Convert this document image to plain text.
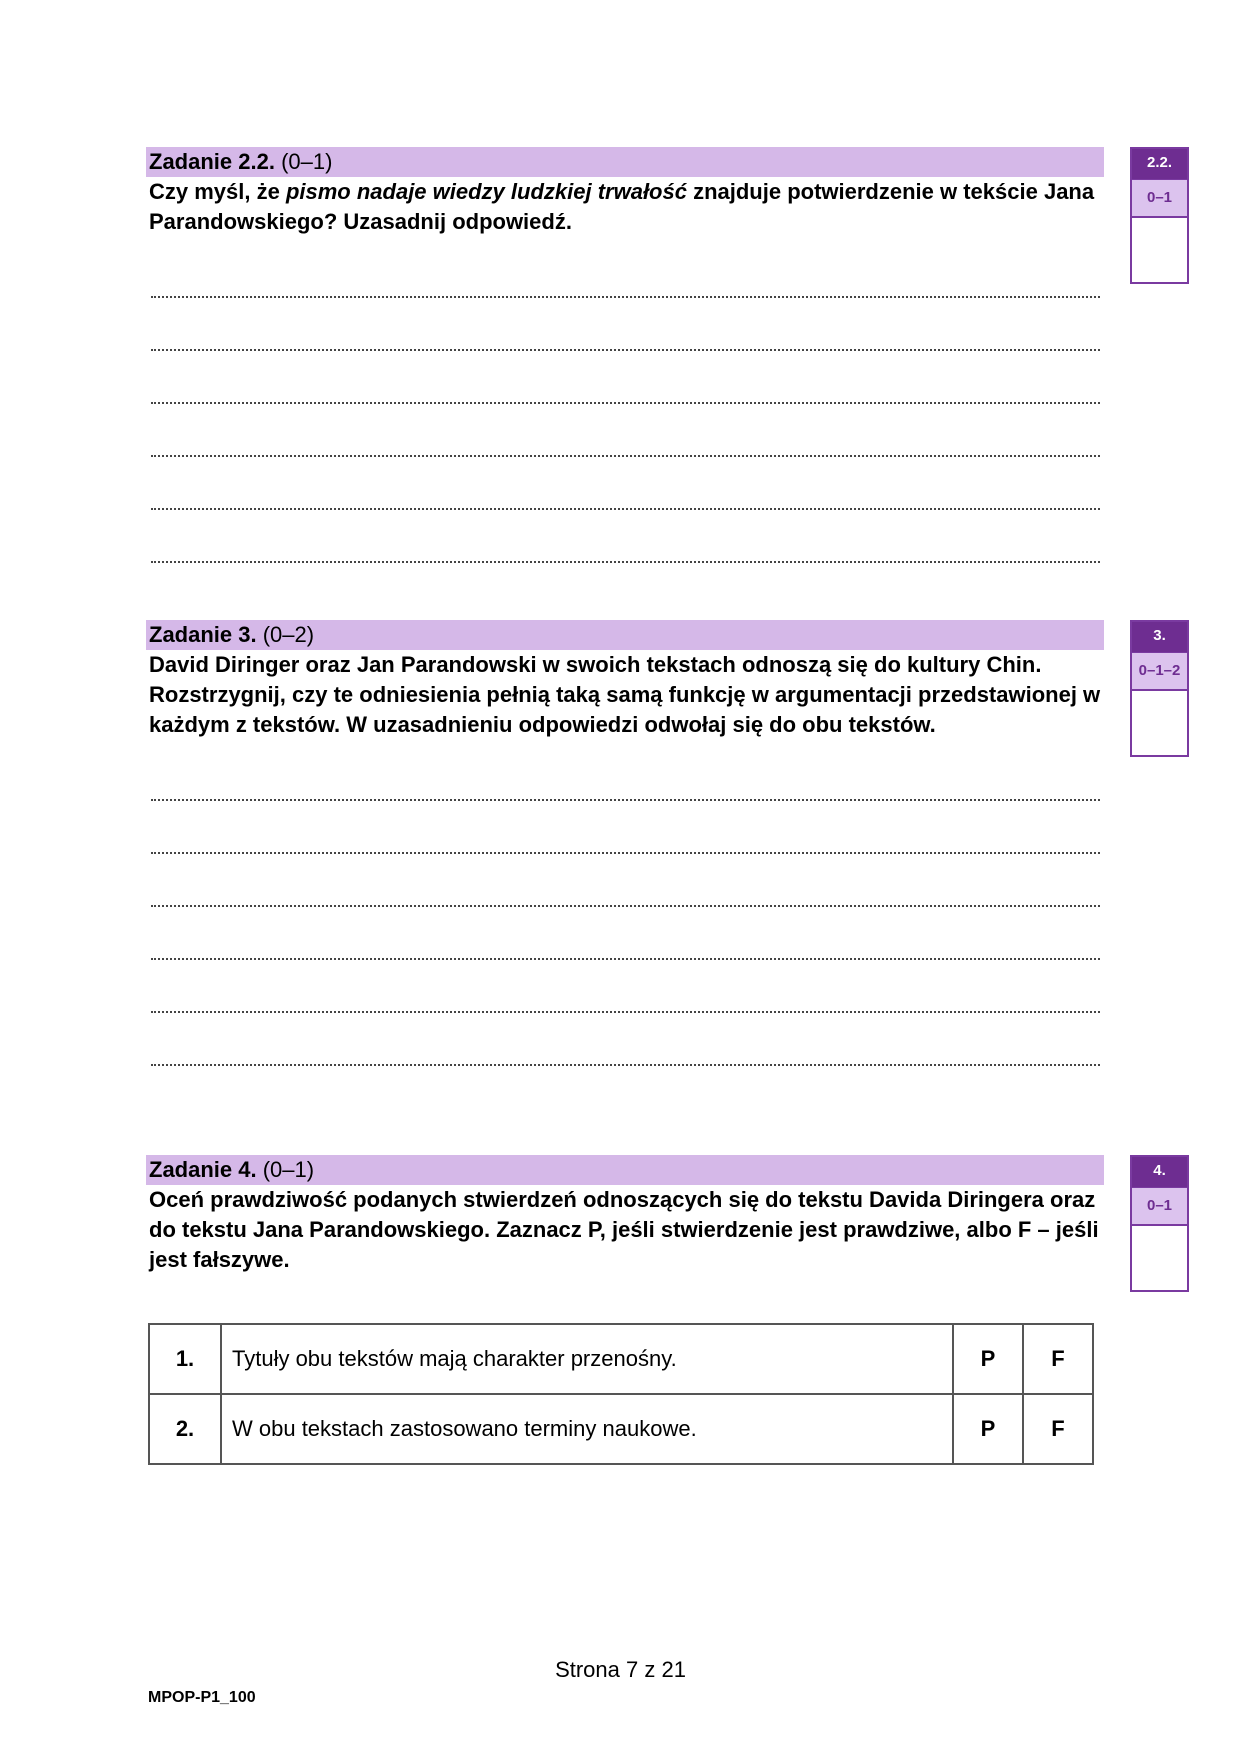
Zadanie 2.2. (0–1)
Czy myśl, że pismo nadaje wiedzy ludzkiej trwałość znajduje potwierdzenie w tekście Jana Parandowskiego? Uzasadnij odpowiedź.
2.2.
0–1
Zadanie 3. (0–2)
David Diringer oraz Jan Parandowski w swoich tekstach odnoszą się do kultury Chin. Rozstrzygnij, czy te odniesienia pełnią taką samą funkcję w argumentacji przedstawionej w każdym z tekstów. W uzasadnieniu odpowiedzi odwołaj się do obu tekstów.
3.
0–1–2
Zadanie 4. (0–1)
Oceń prawdziwość podanych stwierdzeń odnoszących się do tekstu Davida Diringera oraz do tekstu Jana Parandowskiego. Zaznacz P, jeśli stwierdzenie jest prawdziwe, albo F – jeśli jest fałszywe.
4.
0–1
1.	Tytuły obu tekstów mają charakter przenośny.	P	F
2.	W obu tekstach zastosowano terminy naukowe.	P	F
Strona 7 z 21
MPOP-P1_100
